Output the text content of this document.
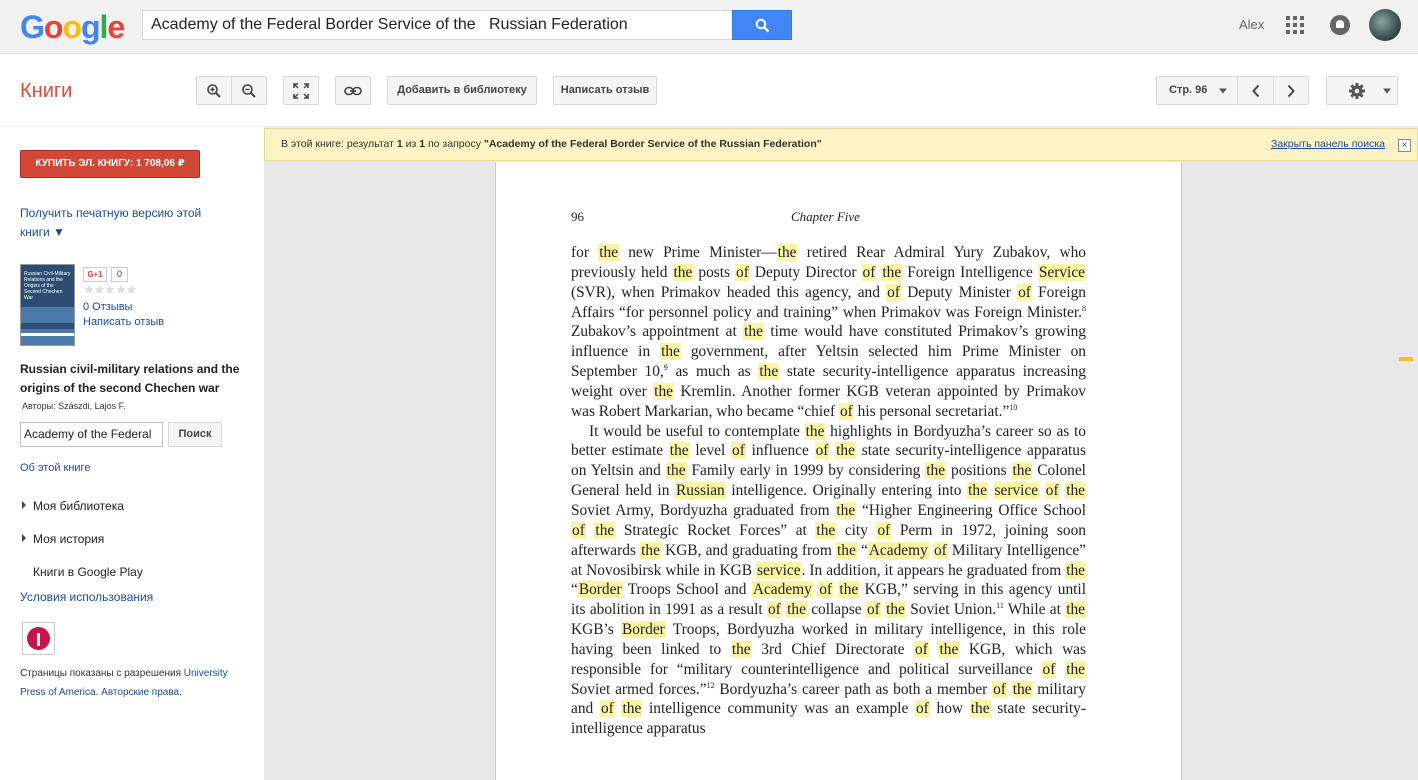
Google	Academy of the Federal Border Service of the   Russian Federation	Alex
Книги	Добавить в библиотеку	Написать отзыв	Стр. 96
КУПИТЬ ЭЛ. КНИГУ: 1 708,06 ₽
Получить печатную версию этой книги ▼
Russian Civil-Military Relations and the Origins of the Second Chechen War
G+1	0
★★★★★
0 Отзывы
Написать отзыв
Russian civil-military relations and the origins of the second Chechen war
Авторы: Szászdi, Lajos F.
Academy of the Federal	Поиск
Об этой книге
Моя библиотека
Моя история
Книги в Google Play
Условия использования
Страницы показаны с разрешения University Press of America. Авторские права.
В этой книге: результат 1 из 1 по запросу "Academy of the Federal Border Service of the Russian Federation"	Закрыть панель поиска	×
96	Chapter Five

for the new Prime Minister—the retired Rear Admiral Yury Zubakov, who previously held the posts of Deputy Director of the Foreign Intelligence Service (SVR), when Primakov headed this agency, and of Deputy Minister of Foreign Affairs “for personnel policy and training” when Primakov was Foreign Minister.$^8$ Zubakov’s appointment at the time would have constituted Primakov’s growing influence in the government, after Yeltsin selected him Prime Minister on September 10,$^9$ as much as the state security-intelligence apparatus increasing weight over the Kremlin. Another former KGB veteran appointed by Primakov was Robert Markarian, who became “chief of his personal secretariat.”$^{10}$

It would be useful to contemplate the highlights in Bordyuzha’s career so as to better estimate the level of influence of the state security-intelligence apparatus on Yeltsin and the Family early in 1999 by considering the positions the Colonel General held in Russian intelligence. Originally entering into the service of the Soviet Army, Bordyuzha graduated from the “Higher Engineering Office School of the Strategic Rocket Forces” at the city of Perm in 1972, joining soon afterwards the KGB, and graduating from the “Academy of Military Intelligence” at Novosibirsk while in KGB service. In addition, it appears he graduated from the “Border Troops School and Academy of the KGB,” serving in this agency until its abolition in 1991 as a result of the collapse of the Soviet Union.$^{11}$ While at the KGB’s Border Troops, Bordyuzha worked in military intelligence, in this role having been linked to the 3rd Chief Directorate of the KGB, which was responsible for “military counterintelligence and political surveillance of the Soviet armed forces.”$^{12}$ Bordyuzha’s career path as both a member of the military and of the intelligence community was an example of how the state security-intelligence apparatus
